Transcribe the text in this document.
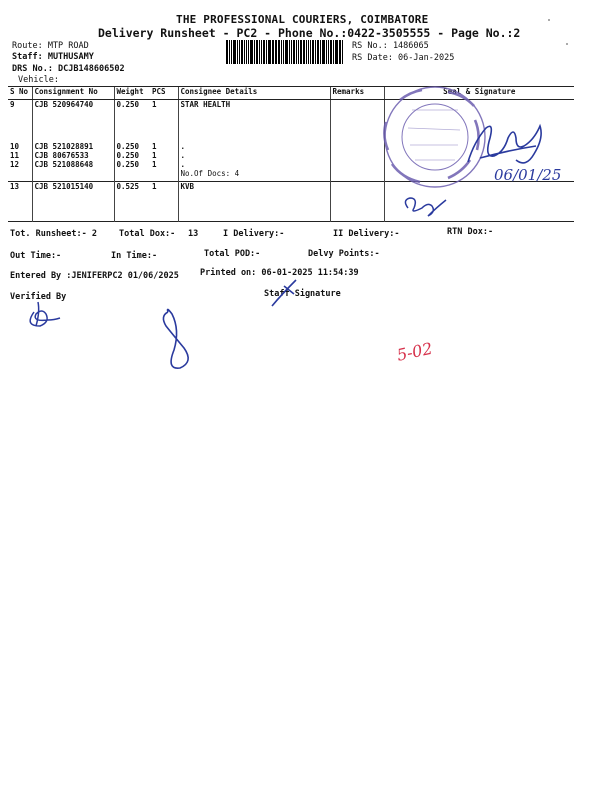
THE PROFESSIONAL COURIERS, COIMBATORE
Delivery Runsheet - PC2 - Phone No.:0422-3505555 - Page No.:2
Route: MTP ROAD
Staff: MUTHUSAMY
DRS No.: DCJB148606502
Vehicle:
RS No.: 1486065
RS Date: 06-Jan-2025
S No	Consignment No	Weight	PCS	Consignee Details	Remarks	Seal & Signature
9	CJB 520964740	0.250	1	STAR HEALTH		
10	CJB 521028891	0.250	1	.		
11	CJB 80676533	0.250	1	.		
12	CJB 521088648	0.250	1	.
No.Of Docs: 4		

13	CJB 521015140	0.525	1	KVB		
Tot. Runsheet:- 2	Total Dox:- 13	I Delivery:-	II Delivery:-	RTN Dox:-
Out Time:-	In Time:-	Total POD:-	Delvy Points:-
Entered By :JENIFERPC2 01/06/2025 Printed on: 06-01-2025 11:54:39
Verified By	Staff Signature
06/01/25
5-02
